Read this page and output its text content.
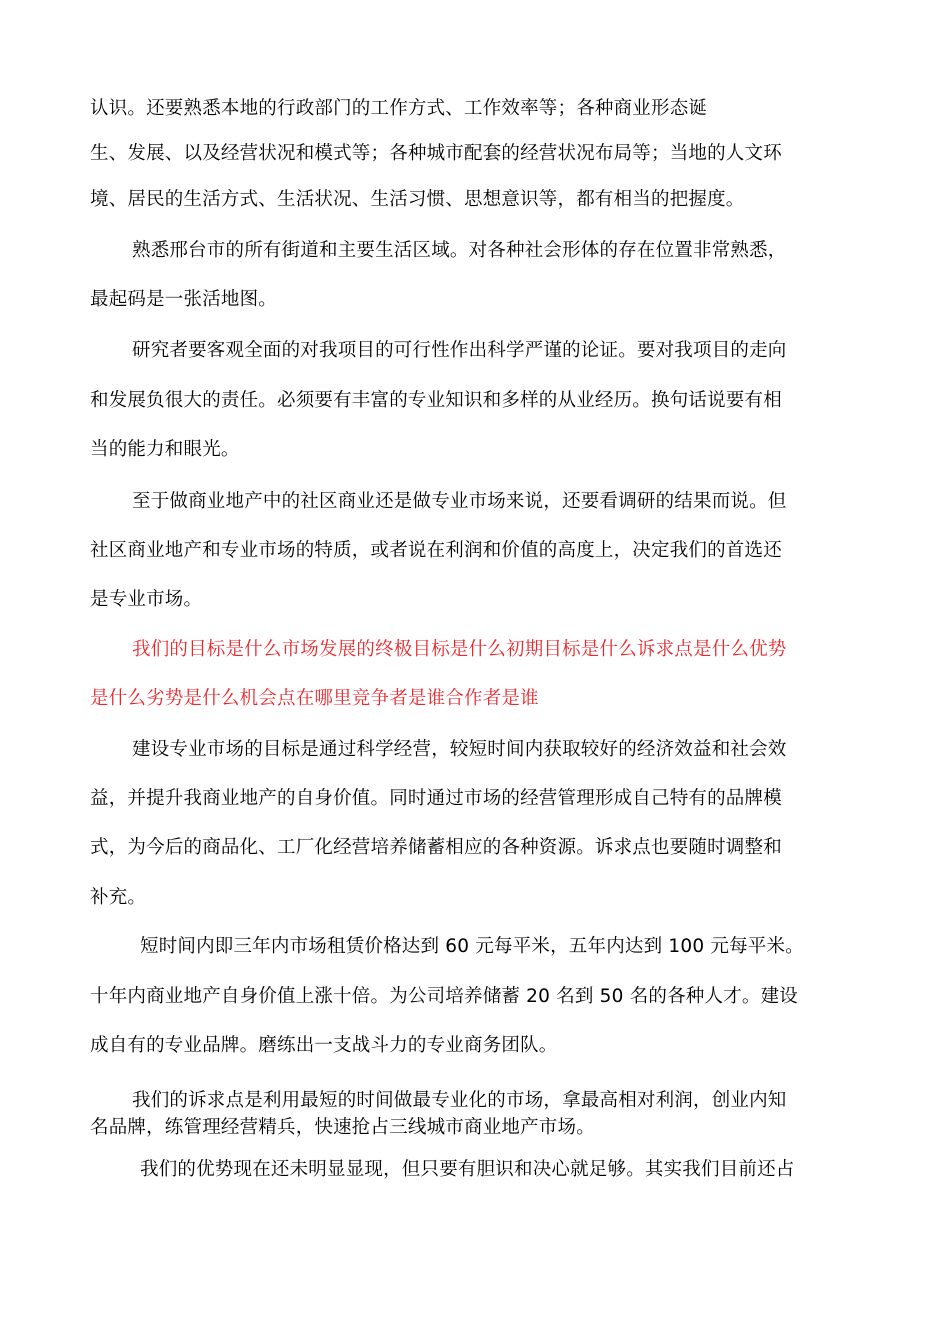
认识。还要熟悉本地的行政部门的工作方式、工作效率等；各种商业形态诞
生、发展、以及经营状况和模式等；各种城市配套的经营状况布局等；当地的人文环
境、居民的生活方式、生活状况、生活习惯、思想意识等，都有相当的把握度。
熟悉邢台市的所有街道和主要生活区域。对各种社会形体的存在位置非常熟悉，
最起码是一张活地图。
研究者要客观全面的对我项目的可行性作出科学严谨的论证。要对我项目的走向
和发展负很大的责任。必须要有丰富的专业知识和多样的从业经历。换句话说要有相
当的能力和眼光。
至于做商业地产中的社区商业还是做专业市场来说，还要看调研的结果而说。但
社区商业地产和专业市场的特质，或者说在利润和价值的高度上，决定我们的首选还
是专业市场。
我们的目标是什么市场发展的终极目标是什么初期目标是什么诉求点是什么优势
是什么劣势是什么机会点在哪里竞争者是谁合作者是谁
建设专业市场的目标是通过科学经营，较短时间内获取较好的经济效益和社会效
益，并提升我商业地产的自身价值。同时通过市场的经营管理形成自己特有的品牌模
式，为今后的商品化、工厂化经营培养储蓄相应的各种资源。诉求点也要随时调整和
补充。
短时间内即三年内市场租赁价格达到 60 元每平米，五年内达到 100 元每平米。
十年内商业地产自身价值上涨十倍。为公司培养储蓄 20 名到 50 名的各种人才。建设
成自有的专业品牌。磨练出一支战斗力的专业商务团队。
我们的诉求点是利用最短的时间做最专业化的市场，拿最高相对利润，创业内知
名品牌，练管理经营精兵，快速抢占三线城市商业地产市场。
我们的优势现在还未明显显现，但只要有胆识和决心就足够。其实我们目前还占
